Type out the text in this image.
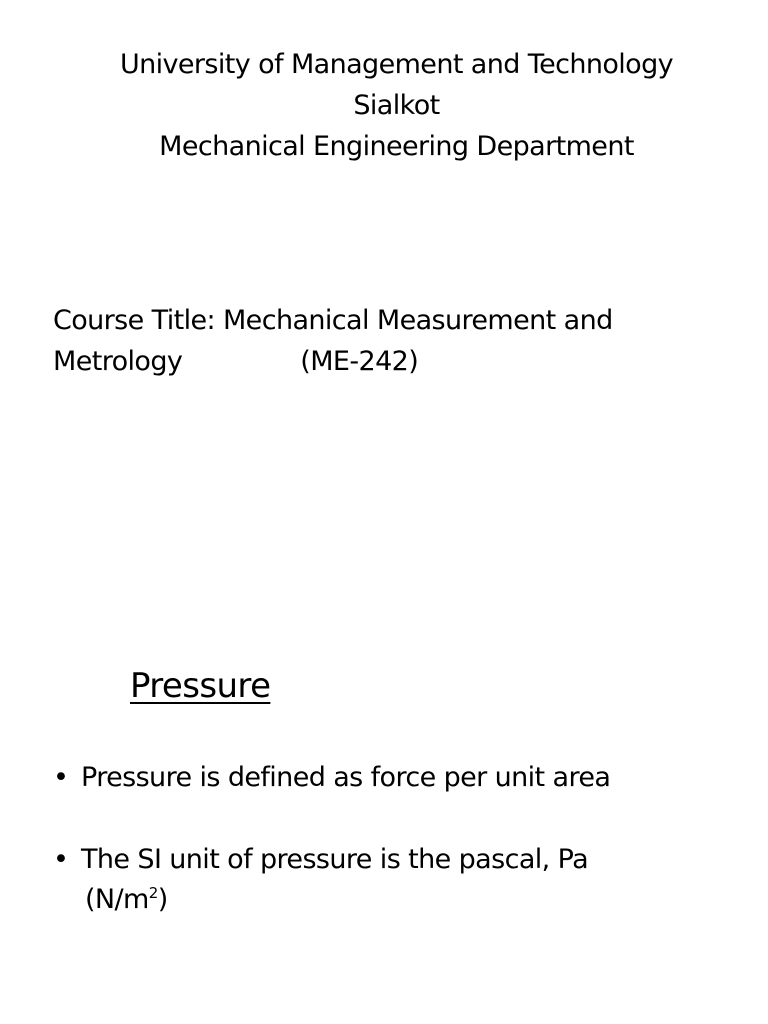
University of Management and Technology
Sialkot
Mechanical Engineering Department
Course Title: Mechanical Measurement and
Metrology	(ME-242)
Pressure
• Pressure is defined as force per unit area
• The SI unit of pressure is the pascal, Pa
$(N/m^2)$
